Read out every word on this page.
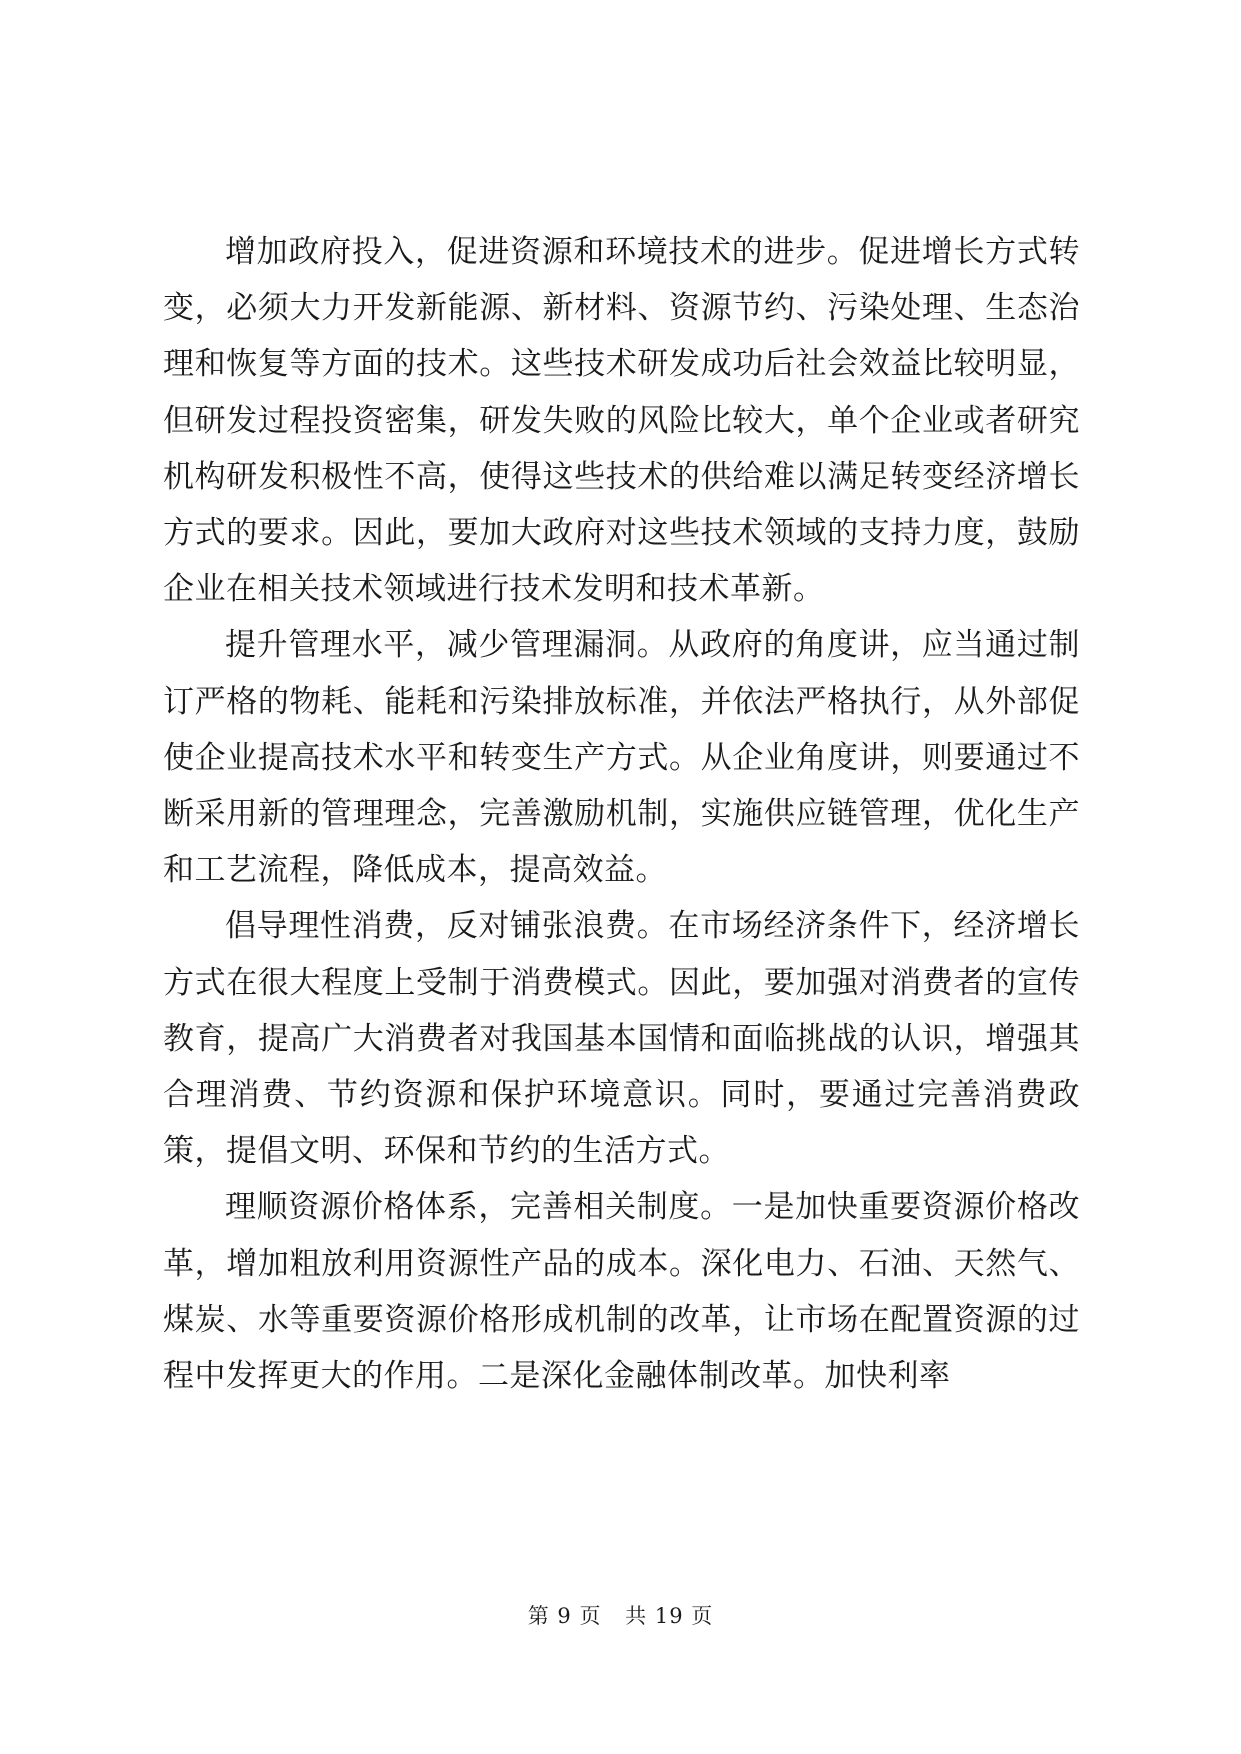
增加政府投入，促进资源和环境技术的进步。促进增长方式转变，必须大力开发新能源、新材料、资源节约、污染处理、生态治理和恢复等方面的技术。这些技术研发成功后社会效益比较明显，但研发过程投资密集，研发失败的风险比较大，单个企业或者研究机构研发积极性不高，使得这些技术的供给难以满足转变经济增长方式的要求。因此，要加大政府对这些技术领域的支持力度，鼓励企业在相关技术领域进行技术发明和技术革新。

提升管理水平，减少管理漏洞。从政府的角度讲，应当通过制订严格的物耗、能耗和污染排放标准，并依法严格执行，从外部促使企业提高技术水平和转变生产方式。从企业角度讲，则要通过不断采用新的管理理念，完善激励机制，实施供应链管理，优化生产和工艺流程，降低成本，提高效益。

倡导理性消费，反对铺张浪费。在市场经济条件下，经济增长方式在很大程度上受制于消费模式。因此，要加强对消费者的宣传教育，提高广大消费者对我国基本国情和面临挑战的认识，增强其合理消费、节约资源和保护环境意识。同时，要通过完善消费政策，提倡文明、环保和节约的生活方式。

理顺资源价格体系，完善相关制度。一是加快重要资源价格改革，增加粗放利用资源性产品的成本。深化电力、石油、天然气、煤炭、水等重要资源价格形成机制的改革，让市场在配置资源的过程中发挥更大的作用。二是深化金融体制改革。加快利率

第 9 页 共 19 页
